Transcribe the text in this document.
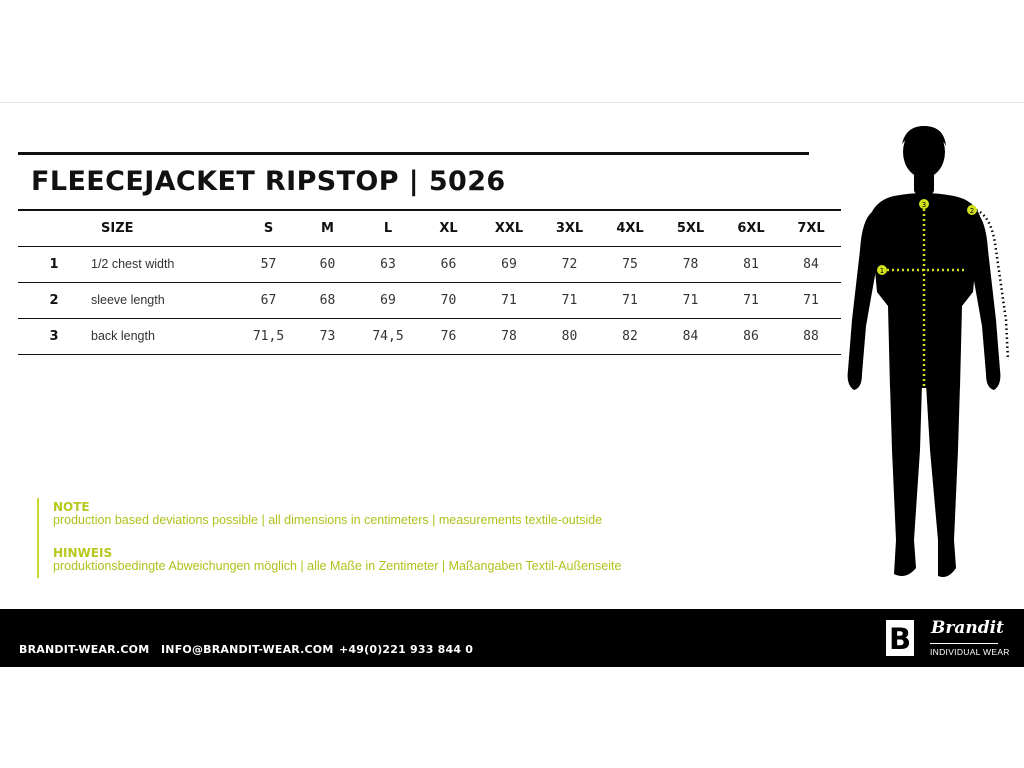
FLEECEJACKET RIPSTOP | 5026
	SIZE	S	M	L	XL	XXL	3XL	4XL	5XL	6XL	7XL
1	1/2 chest width	57	60	63	66	69	72	75	78	81	84
2	sleeve length	67	68	69	70	71	71	71	71	71	71
3	back length	71,5	73	74,5	76	78	80	82	84	86	88

NOTE

production based deviations possible | all dimensions in centimeters | measurements textile-outside

HINWEIS

produktionsbedingte Abweichungen möglich | alle Maße in Zentimeter | Maßangaben Textil-Außenseite

1
2
3
BRANDIT-WEAR.COM INFO@BRANDIT-WEAR.COM +49(0)221 933 844 0	B Brandit
INDIVIDUAL WEAR
